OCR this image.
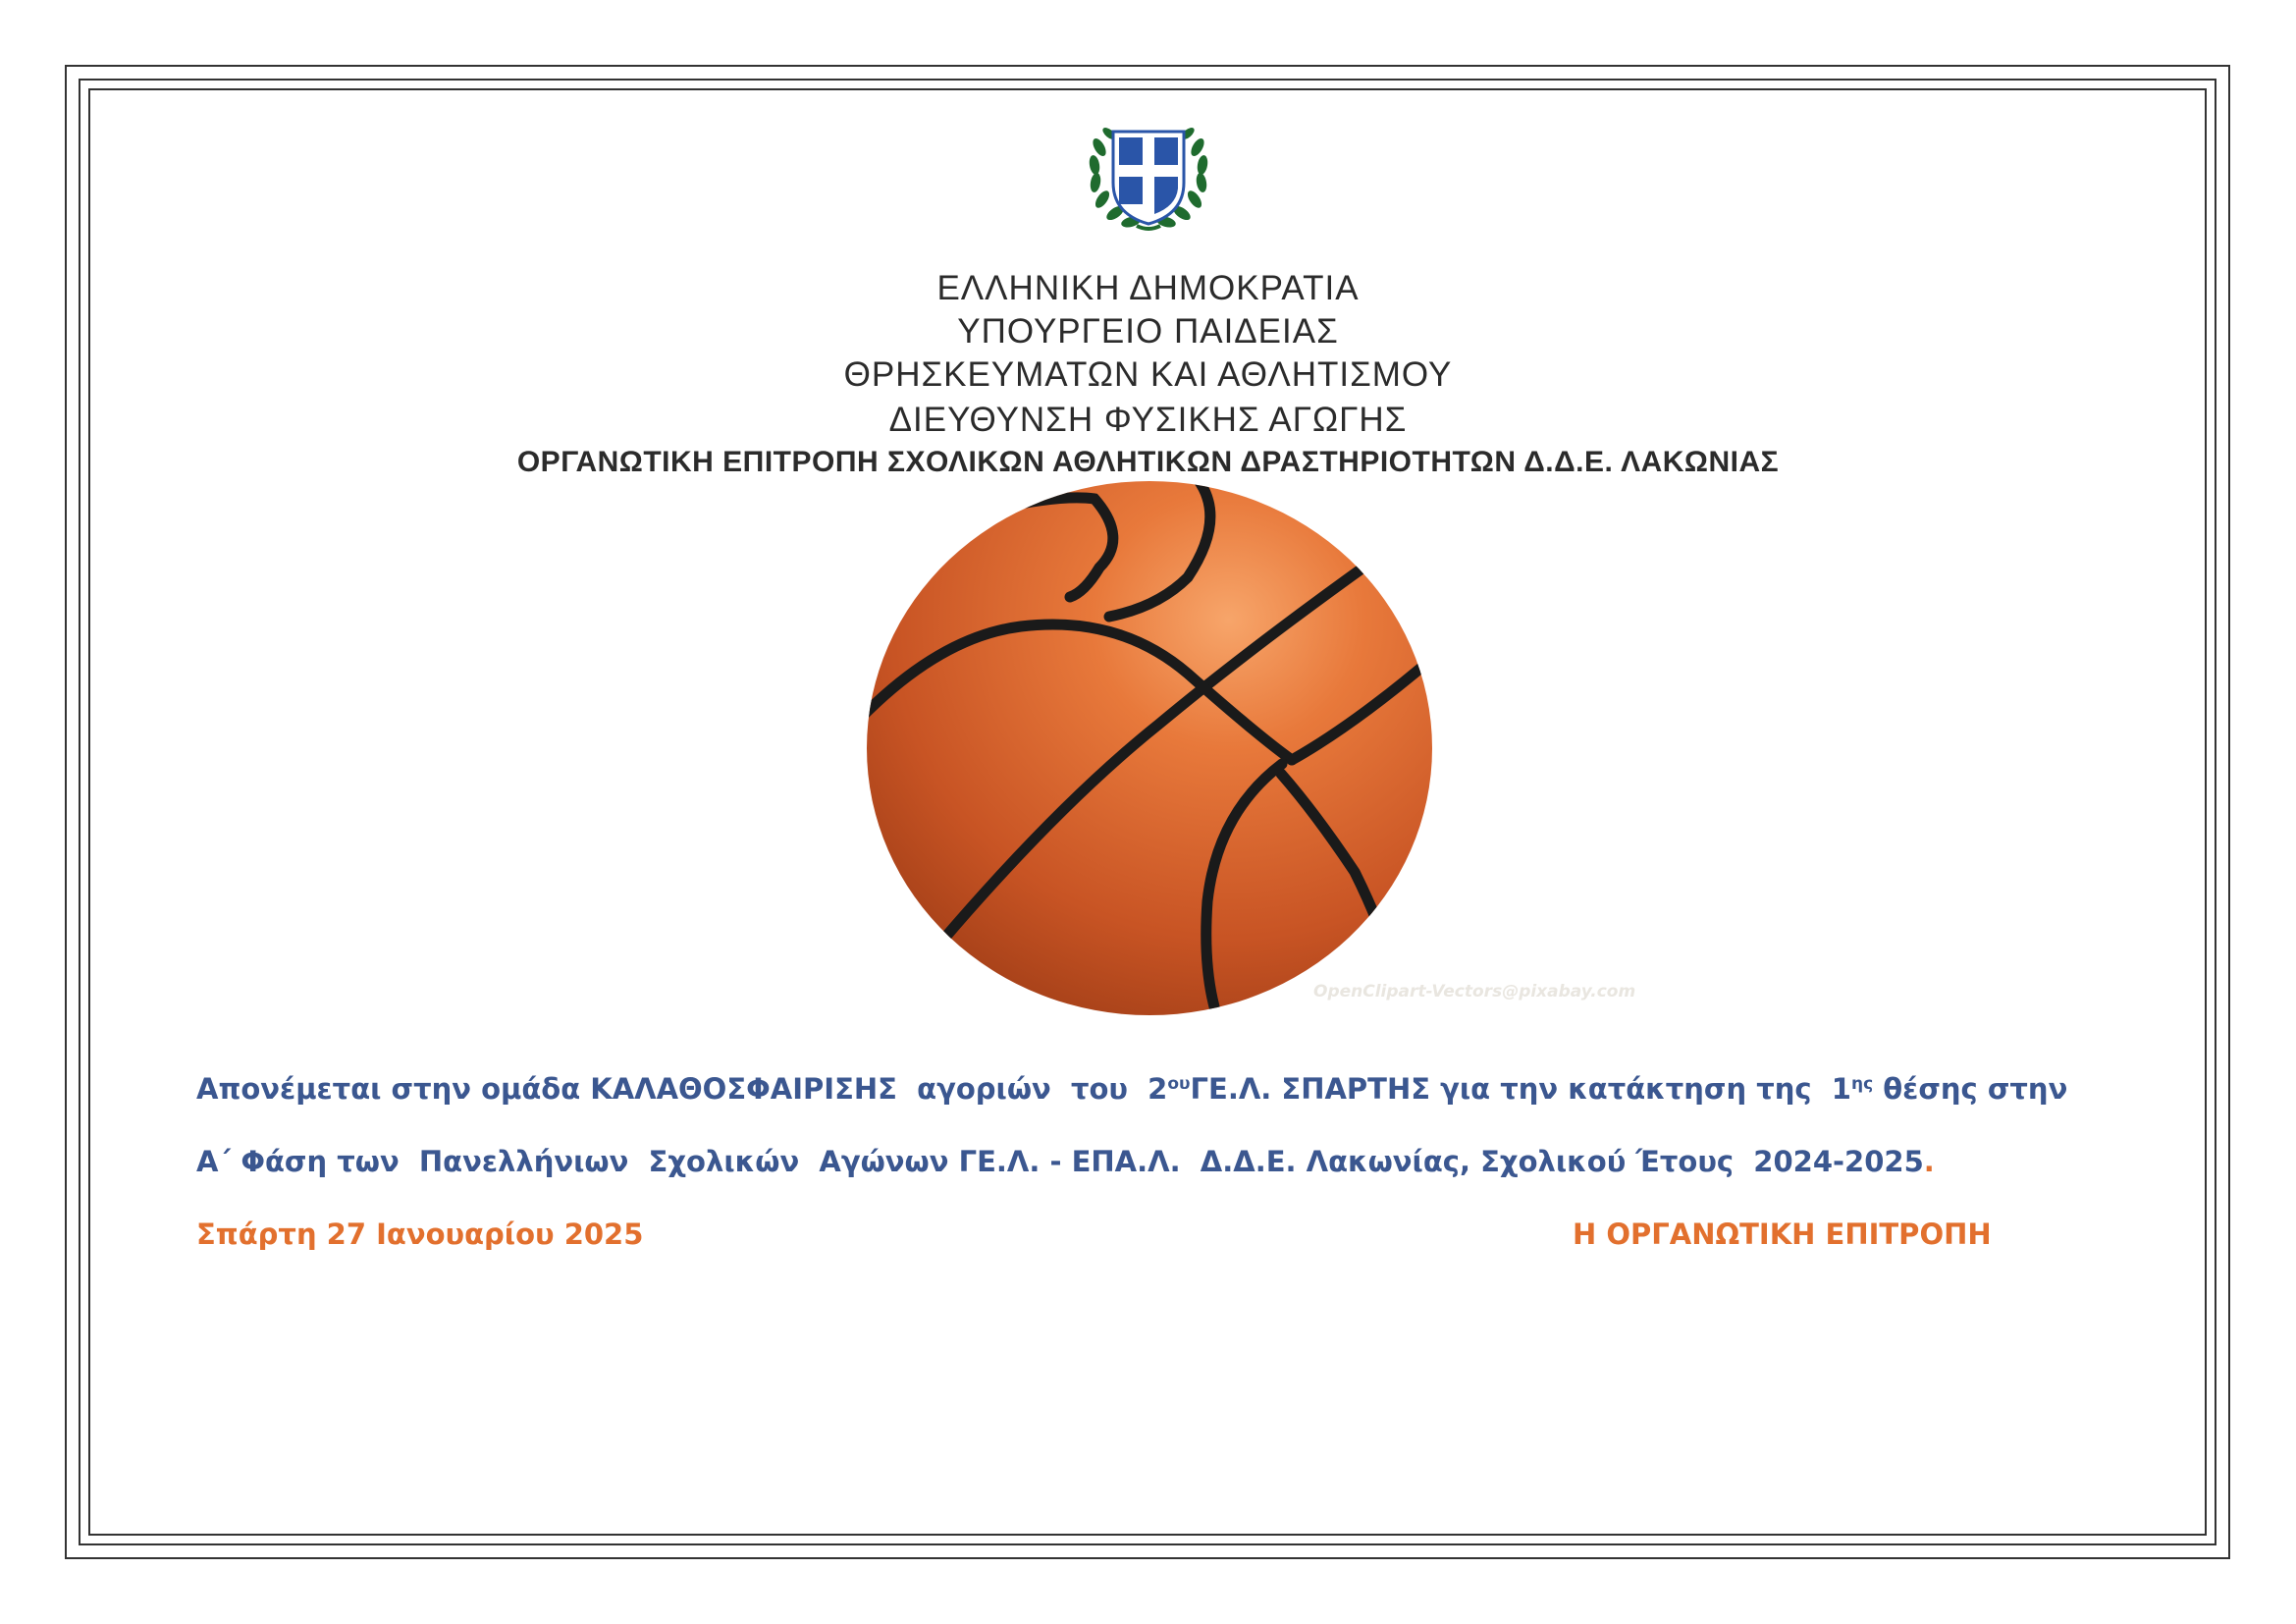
ΕΛΛΗΝΙΚΗ ΔΗΜΟΚΡΑΤΙΑ
ΥΠΟΥΡΓΕΙΟ ΠΑΙΔΕΙΑΣ
ΘΡΗΣΚΕΥΜΑΤΩΝ ΚΑΙ ΑΘΛΗΤΙΣΜΟΥ
ΔΙΕΥΘΥΝΣΗ ΦΥΣΙΚΗΣ ΑΓΩΓΗΣ
ΟΡΓΑΝΩΤΙΚΗ ΕΠΙΤΡΟΠΗ ΣΧΟΛΙΚΩΝ ΑΘΛΗΤΙΚΩΝ ΔΡΑΣΤΗΡΙΟΤΗΤΩΝ Δ.Δ.Ε. ΛΑΚΩΝΙΑΣ
OpenClipart-Vectors@pixabay.com
Απονέμεται στην ομάδα ΚΑΛΑΘΟΣΦΑΙΡΙΣΗΣ  αγοριών  του  $2^{o\upsilon}\Gamma E.\Lambda$. ΣΠΑΡΤΗΣ για την κατάκτηση της  $1^{\eta\varsigma}$ θέσης στην
Α΄ Φάση των  Πανελλήνιων  Σχολικών  Αγώνων ΓΕ.Λ. - ΕΠΑ.Λ.  Δ.Δ.Ε. Λακωνίας, Σχολικού Έτους  2024-2025.
Σπάρτη 27 Ιανουαρίου 2025	Η ΟΡΓΑΝΩΤΙΚΗ ΕΠΙΤΡΟΠΗ
